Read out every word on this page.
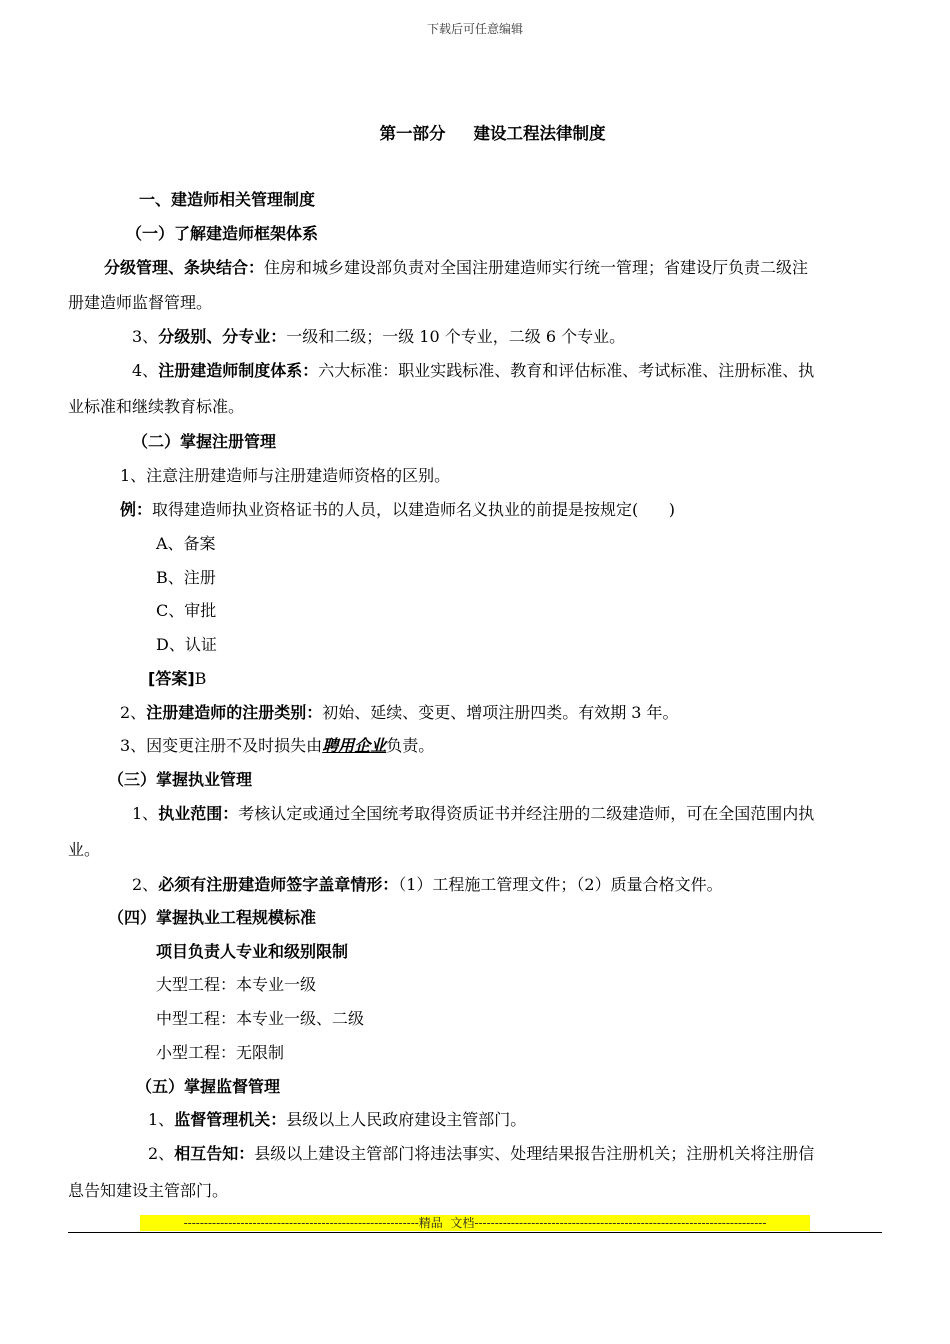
下载后可任意编辑
第一部分 建设工程法律制度
一、建造师相关管理制度
（一）了解建造师框架体系
分级管理、条块结合：住房和城乡建设部负责对全国注册建造师实行统一管理；省建设厅负责二级注
册建造师监督管理。
3、分级别、分专业：一级和二级；一级 10 个专业，二级 6 个专业。
4、注册建造师制度体系：六大标准：职业实践标准、教育和评估标准、考试标准、注册标准、执
业标准和继续教育标准。
（二）掌握注册管理
1、注意注册建造师与注册建造师资格的区别。
例：取得建造师执业资格证书的人员，以建造师名义执业的前提是按规定(      )
A、备案
B、注册
C、审批
D、认证
[答案]B
2、注册建造师的注册类别：初始、延续、变更、增项注册四类。有效期 3 年。
3、因变更注册不及时损失由聘用企业负责。
（三）掌握执业管理
1、执业范围：考核认定或通过全国统考取得资质证书并经注册的二级建造师，可在全国范围内执
业。
2、必须有注册建造师签字盖章情形：（1）工程施工管理文件；（2）质量合格文件。
（四）掌握执业工程规模标准
项目负责人专业和级别限制
大型工程：本专业一级
中型工程：本专业一级、二级
小型工程：无限制
（五）掌握监督管理
1、监督管理机关：县级以上人民政府建设主管部门。
2、相互告知：县级以上建设主管部门将违法事实、处理结果报告注册机关；注册机关将注册信
息告知建设主管部门。
----------------------------------------------------------精品  文档------------------------------------------------------------------------
